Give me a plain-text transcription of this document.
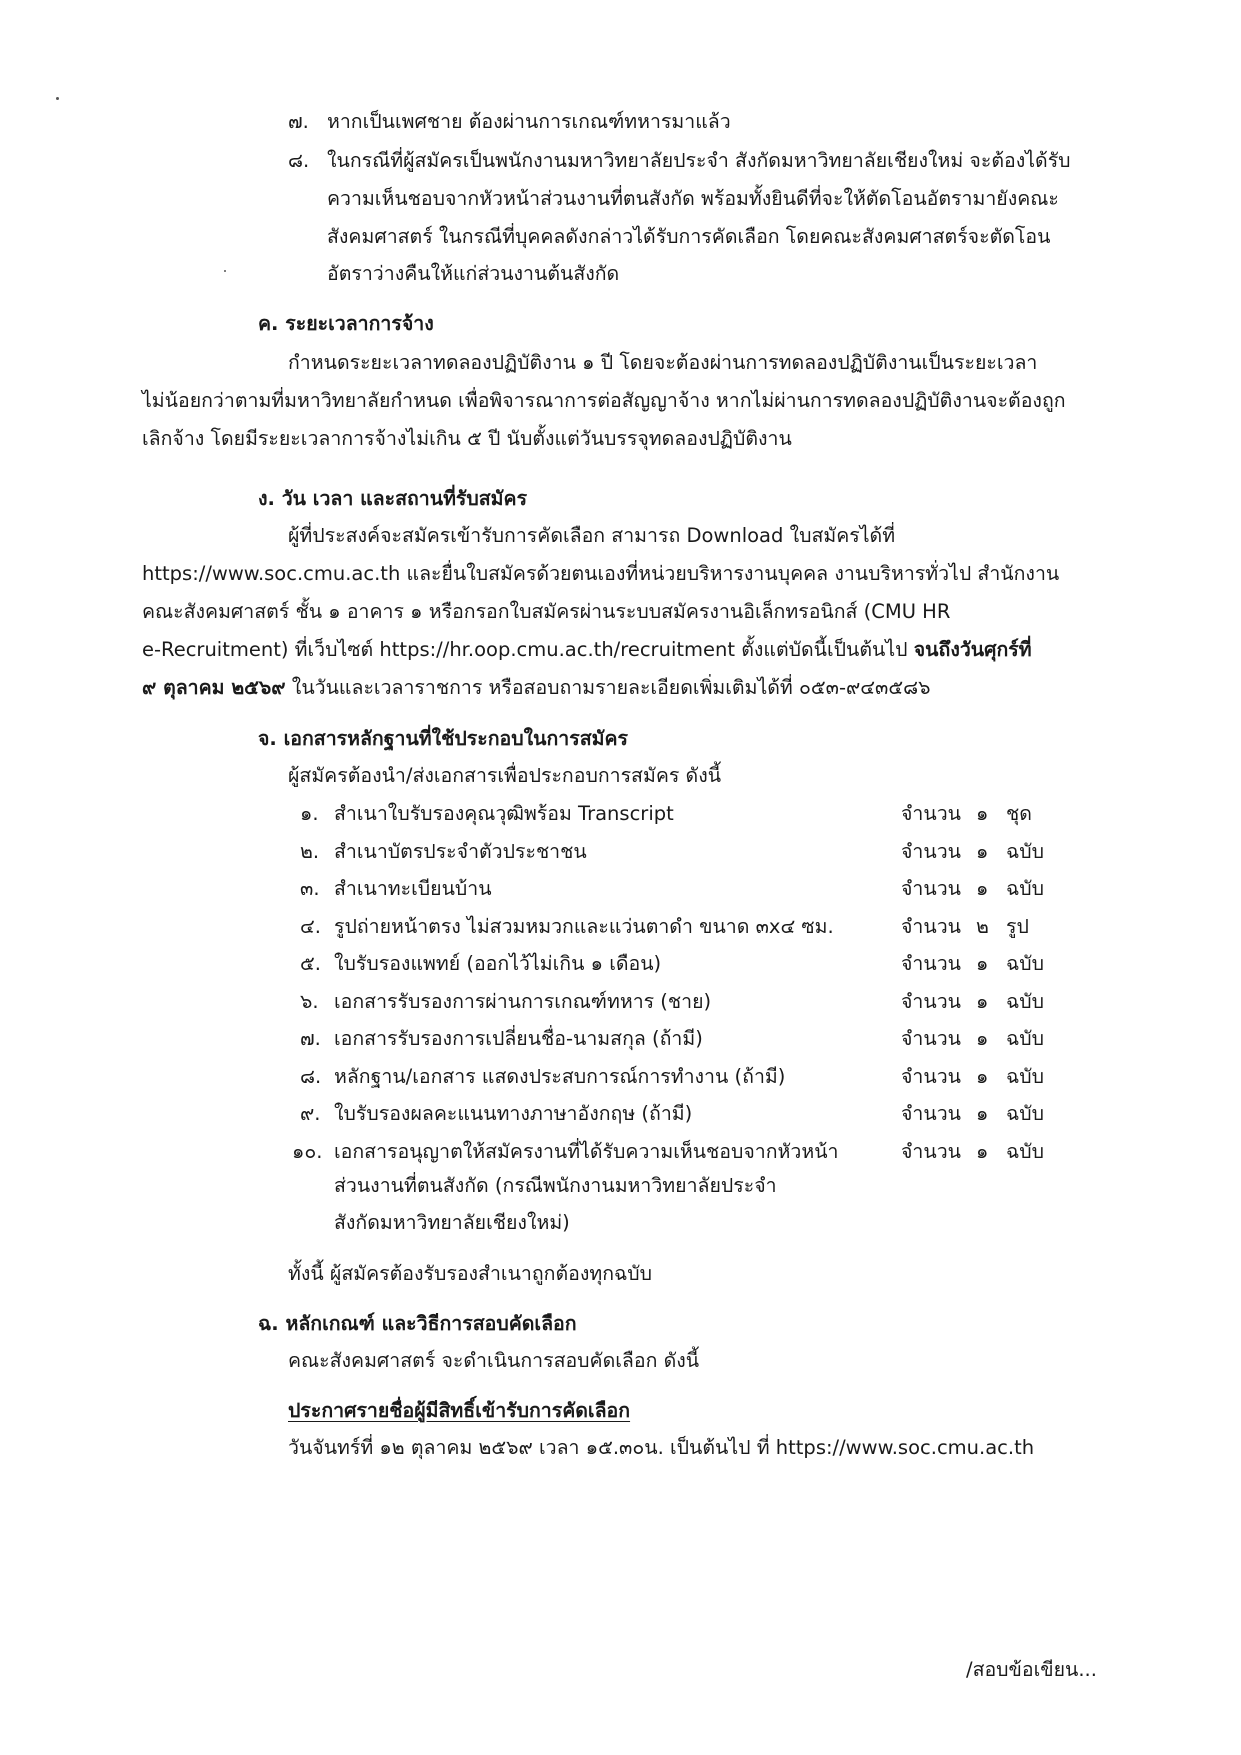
๗. หากเป็นเพศชาย ต้องผ่านการเกณฑ์ทหารมาแล้ว
๘. ในกรณีที่ผู้สมัครเป็นพนักงานมหาวิทยาลัยประจำ สังกัดมหาวิทยาลัยเชียงใหม่ จะต้องได้รับ
ความเห็นชอบจากหัวหน้าส่วนงานที่ตนสังกัด พร้อมทั้งยินดีที่จะให้ตัดโอนอัตรามายังคณะ
สังคมศาสตร์ ในกรณีที่บุคคลดังกล่าวได้รับการคัดเลือก โดยคณะสังคมศาสตร์จะตัดโอน
อัตราว่างคืนให้แก่ส่วนงานต้นสังกัด
ค. ระยะเวลาการจ้าง
กำหนดระยะเวลาทดลองปฏิบัติงาน ๑ ปี โดยจะต้องผ่านการทดลองปฏิบัติงานเป็นระยะเวลา
ไม่น้อยกว่าตามที่มหาวิทยาลัยกำหนด เพื่อพิจารณาการต่อสัญญาจ้าง หากไม่ผ่านการทดลองปฏิบัติงานจะต้องถูก
เลิกจ้าง โดยมีระยะเวลาการจ้างไม่เกิน ๕ ปี นับตั้งแต่วันบรรจุทดลองปฏิบัติงาน
ง. วัน เวลา และสถานที่รับสมัคร
ผู้ที่ประสงค์จะสมัครเข้ารับการคัดเลือก สามารถ Download ใบสมัครได้ที่
https://www.soc.cmu.ac.th และยื่นใบสมัครด้วยตนเองที่หน่วยบริหารงานบุคคล งานบริหารทั่วไป สำนักงาน
คณะสังคมศาสตร์ ชั้น ๑ อาคาร ๑ หรือกรอกใบสมัครผ่านระบบสมัครงานอิเล็กทรอนิกส์ (CMU HR
e-Recruitment) ที่เว็บไซต์ https://hr.oop.cmu.ac.th/recruitment ตั้งแต่บัดนี้เป็นต้นไป จนถึงวันศุกร์ที่
๙ ตุลาคม ๒๕๖๙ ในวันและเวลาราชการ หรือสอบถามรายละเอียดเพิ่มเติมได้ที่ ๐๕๓-๙๔๓๕๘๖
จ. เอกสารหลักฐานที่ใช้ประกอบในการสมัคร
ผู้สมัครต้องนำ/ส่งเอกสารเพื่อประกอบการสมัคร ดังนี้
๑. สำเนาใบรับรองคุณวุฒิพร้อม Transcript	จำนวน ๑ ชุด
๒. สำเนาบัตรประจำตัวประชาชน	จำนวน ๑ ฉบับ
๓. สำเนาทะเบียนบ้าน	จำนวน ๑ ฉบับ
๔. รูปถ่ายหน้าตรง ไม่สวมหมวกและแว่นตาดำ ขนาด ๓x๔ ซม.	จำนวน ๒ รูป
๕. ใบรับรองแพทย์ (ออกไว้ไม่เกิน ๑ เดือน)	จำนวน ๑ ฉบับ
๖. เอกสารรับรองการผ่านการเกณฑ์ทหาร (ชาย)	จำนวน ๑ ฉบับ
๗. เอกสารรับรองการเปลี่ยนชื่อ-นามสกุล (ถ้ามี)	จำนวน ๑ ฉบับ
๘. หลักฐาน/เอกสาร แสดงประสบการณ์การทำงาน (ถ้ามี)	จำนวน ๑ ฉบับ
๙. ใบรับรองผลคะแนนทางภาษาอังกฤษ (ถ้ามี)	จำนวน ๑ ฉบับ
๑๐. เอกสารอนุญาตให้สมัครงานที่ได้รับความเห็นชอบจากหัวหน้า	จำนวน ๑ ฉบับ
ส่วนงานที่ตนสังกัด (กรณีพนักงานมหาวิทยาลัยประจำ
สังกัดมหาวิทยาลัยเชียงใหม่)
ทั้งนี้ ผู้สมัครต้องรับรองสำเนาถูกต้องทุกฉบับ
ฉ. หลักเกณฑ์ และวิธีการสอบคัดเลือก
คณะสังคมศาสตร์ จะดำเนินการสอบคัดเลือก ดังนี้
ประกาศรายชื่อผู้มีสิทธิ์เข้ารับการคัดเลือก
วันจันทร์ที่ ๑๒ ตุลาคม ๒๕๖๙ เวลา ๑๕.๓๐น. เป็นต้นไป ที่ https://www.soc.cmu.ac.th
/สอบข้อเขียน...
